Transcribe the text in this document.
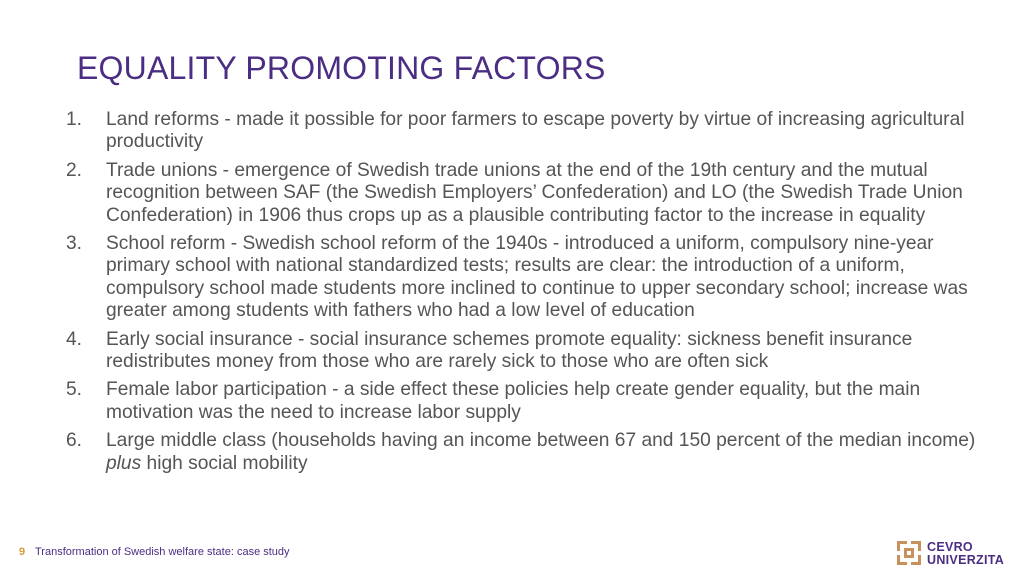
EQUALITY PROMOTING FACTORS
1.	Land reforms - made it possible for poor farmers to escape poverty by virtue of increasing agricultural productivity
2.	Trade unions - emergence of Swedish trade unions at the end of the 19th century and the mutual recognition between SAF (the Swedish Employers’ Confederation) and LO (the Swedish Trade Union Confederation) in 1906 thus crops up as a plausible contributing factor to the increase in equality
3.	School reform - Swedish school reform of the 1940s - introduced a uniform, compulsory nine-year primary school with national standardized tests; results are clear: the introduction of a uniform, compulsory school made students more inclined to continue to upper secondary school; increase was greater among students with fathers who had a low level of education
4.	Early social insurance - social insurance schemes promote equality: sickness benefit insurance redistributes money from those who are rarely sick to those who are often sick
5.	Female labor participation - a side effect these policies help create gender equality, but the main motivation was the need to increase labor supply
6.	Large middle class (households having an income between 67 and 150 percent of the median income) plus high social mobility
9 Transformation of Swedish welfare state: case study	CEVRO
UNIVERZITA
